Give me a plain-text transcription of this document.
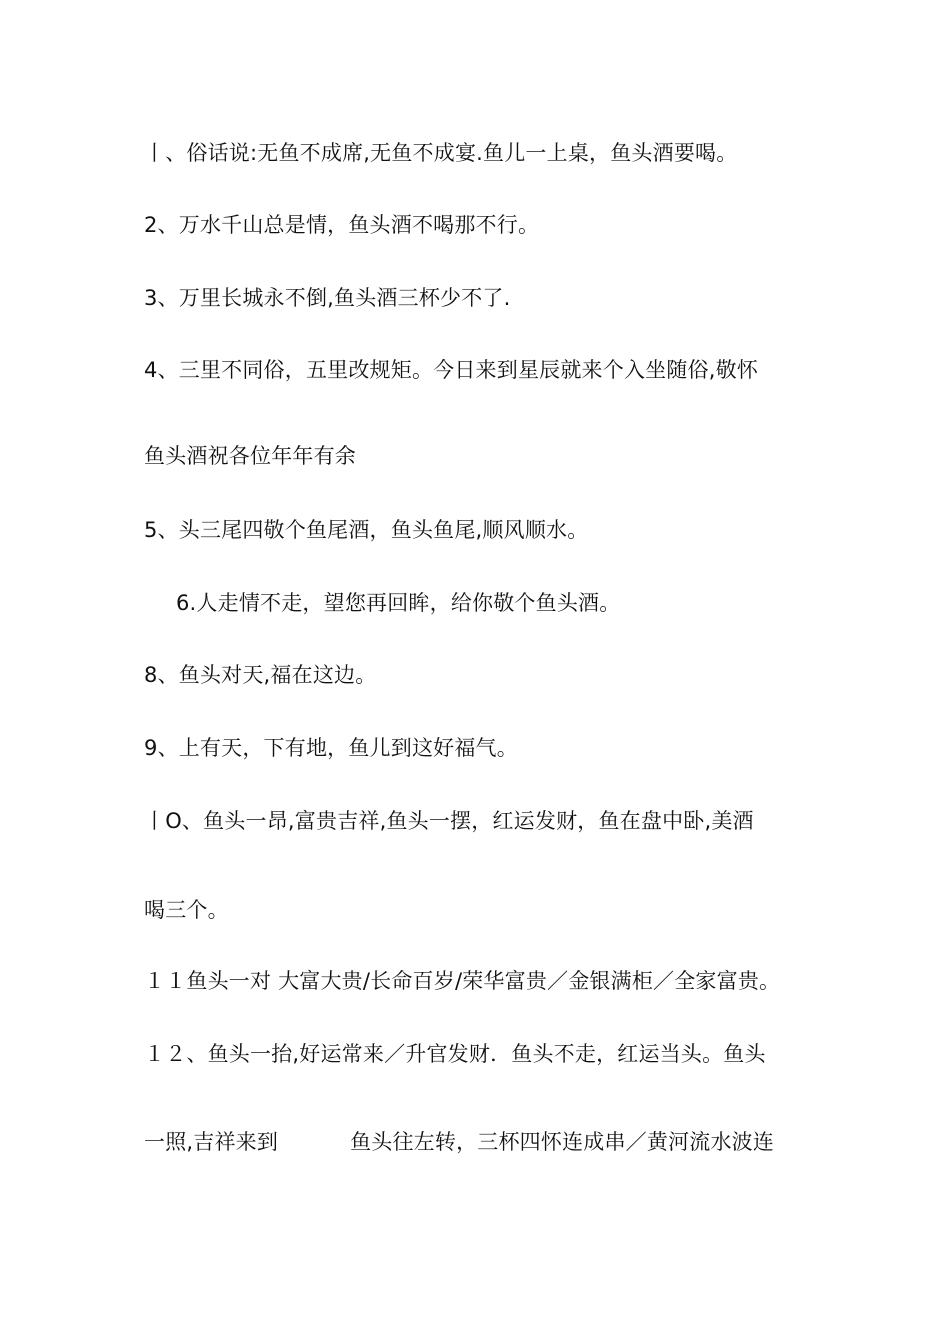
丨、俗话说:无鱼不成席,无鱼不成宴.鱼儿一上桌，鱼头酒要喝。
2、万水千山总是情，鱼头酒不喝那不行。
3、万里长城永不倒,鱼头酒三杯少不了.
4、三里不同俗，五里改规矩。今日来到星辰就来个入坐随俗,敬怀
鱼头酒祝各位年年有余
5、头三尾四敬个鱼尾酒，鱼头鱼尾,顺风顺水。
6.人走情不走，望您再回眸，给你敬个鱼头酒。
8、鱼头对天,福在这边。
9、上有天，下有地，鱼儿到这好福气。
丨O、鱼头一昂,富贵吉祥,鱼头一摆，红运发财，鱼在盘中卧,美酒
喝三个。
１１鱼头一对 大富大贵/长命百岁/荣华富贵／金银满柜／全家富贵。
１２、鱼头一抬,好运常来／升官发财．鱼头不走，红运当头。鱼头
一照,吉祥来到	鱼头往左转，三杯四怀连成串／黄河流水波连
